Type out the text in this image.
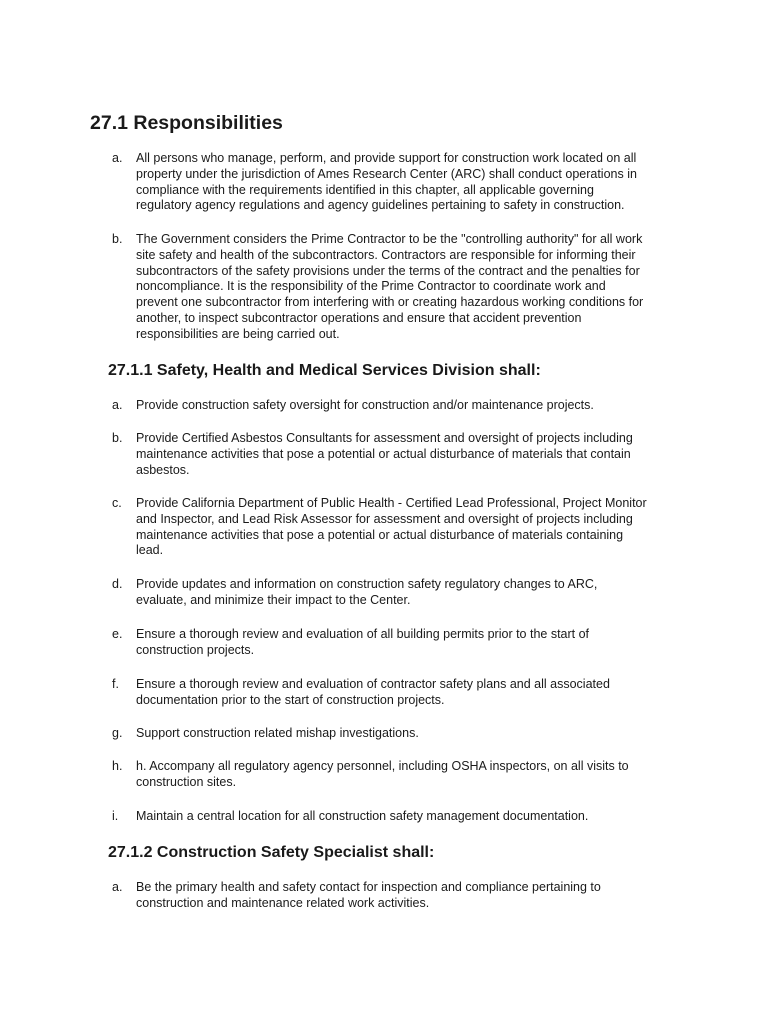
27.1 Responsibilities
a.	All persons who manage, perform, and provide support for construction work located on all
property under the jurisdiction of Ames Research Center (ARC) shall conduct operations in
compliance with the requirements identified in this chapter, all applicable governing
regulatory agency regulations and agency guidelines pertaining to safety in construction.
b.	The Government considers the Prime Contractor to be the "controlling authority" for all work
site safety and health of the subcontractors. Contractors are responsible for informing their
subcontractors of the safety provisions under the terms of the contract and the penalties for
noncompliance. It is the responsibility of the Prime Contractor to coordinate work and
prevent one subcontractor from interfering with or creating hazardous working conditions for
another, to inspect subcontractor operations and ensure that accident prevention
responsibilities are being carried out.
27.1.1 Safety, Health and Medical Services Division shall:
a.	Provide construction safety oversight for construction and/or maintenance projects.
b.	Provide Certified Asbestos Consultants for assessment and oversight of projects including
maintenance activities that pose a potential or actual disturbance of materials that contain
asbestos.
c.	Provide California Department of Public Health - Certified Lead Professional, Project Monitor
and Inspector, and Lead Risk Assessor for assessment and oversight of projects including
maintenance activities that pose a potential or actual disturbance of materials containing
lead.
d.	Provide updates and information on construction safety regulatory changes to ARC,
evaluate, and minimize their impact to the Center.
e.	Ensure a thorough review and evaluation of all building permits prior to the start of
construction projects.
f.	Ensure a thorough review and evaluation of contractor safety plans and all associated
documentation prior to the start of construction projects.
g.	Support construction related mishap investigations.
h.	h. Accompany all regulatory agency personnel, including OSHA inspectors, on all visits to
construction sites.
i.	Maintain a central location for all construction safety management documentation.
27.1.2 Construction Safety Specialist shall:
a.	Be the primary health and safety contact for inspection and compliance pertaining to
construction and maintenance related work activities.
